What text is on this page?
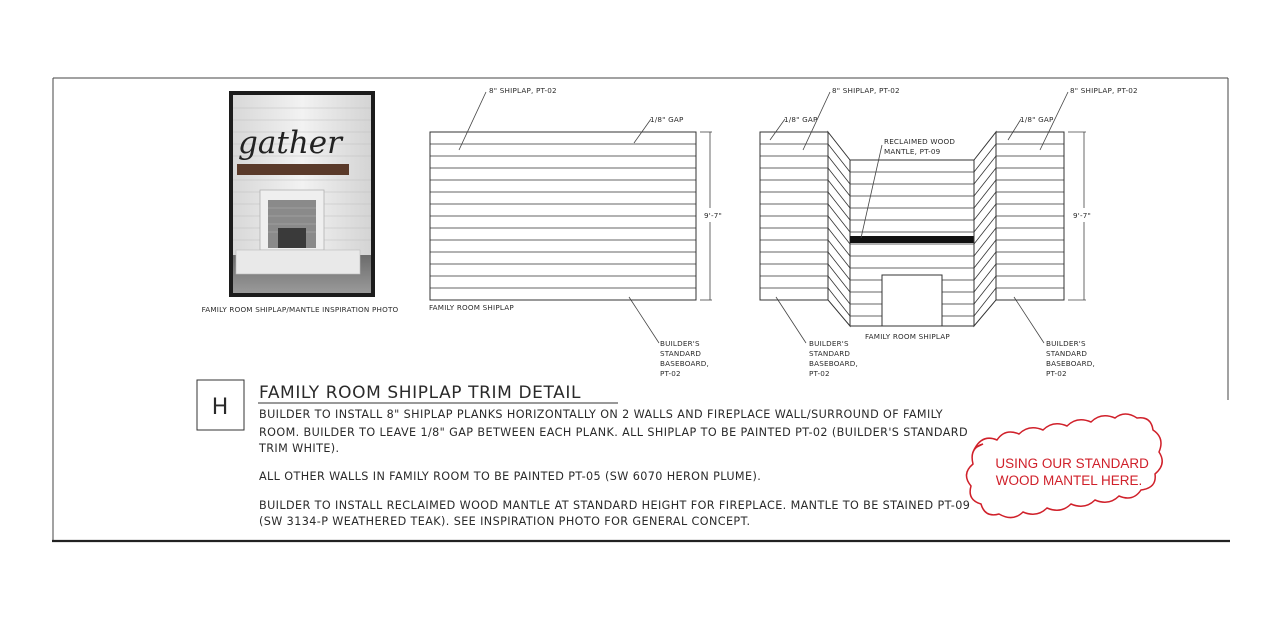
gather
FAMILY ROOM SHIPLAP/MANTLE INSPIRATION PHOTO
8" SHIPLAP, PT-02
1/8" GAP
9'-7"
FAMILY ROOM SHIPLAP
BUILDER'S STANDARD BASEBOARD, PT-02
8" SHIPLAP, PT-02	8" SHIPLAP, PT-02
1/8" GAP	1/8" GAP
RECLAIMED WOOD MANTLE, PT-09
9'-7"
FAMILY ROOM SHIPLAP
BUILDER'S STANDARD BASEBOARD, PT-02
BUILDER'S STANDARD BASEBOARD, PT-02
H
FAMILY ROOM SHIPLAP TRIM DETAIL
BUILDER TO INSTALL 8" SHIPLAP PLANKS HORIZONTALLY ON 2 WALLS AND FIREPLACE WALL/SURROUND OF FAMILY ROOM. BUILDER TO LEAVE 1/8" GAP BETWEEN EACH PLANK. ALL SHIPLAP TO BE PAINTED PT-02 (BUILDER'S STANDARD TRIM WHITE). ALL OTHER WALLS IN FAMILY ROOM TO BE PAINTED PT-05 (SW 6070 HERON PLUME). BUILDER TO INSTALL RECLAIMED WOOD MANTLE AT STANDARD HEIGHT FOR FIREPLACE. MANTLE TO BE STAINED PT-09 (SW 3134-P WEATHERED TEAK). SEE INSPIRATION PHOTO FOR GENERAL CONCEPT.
USING OUR STANDARD WOOD MANTEL HERE.
